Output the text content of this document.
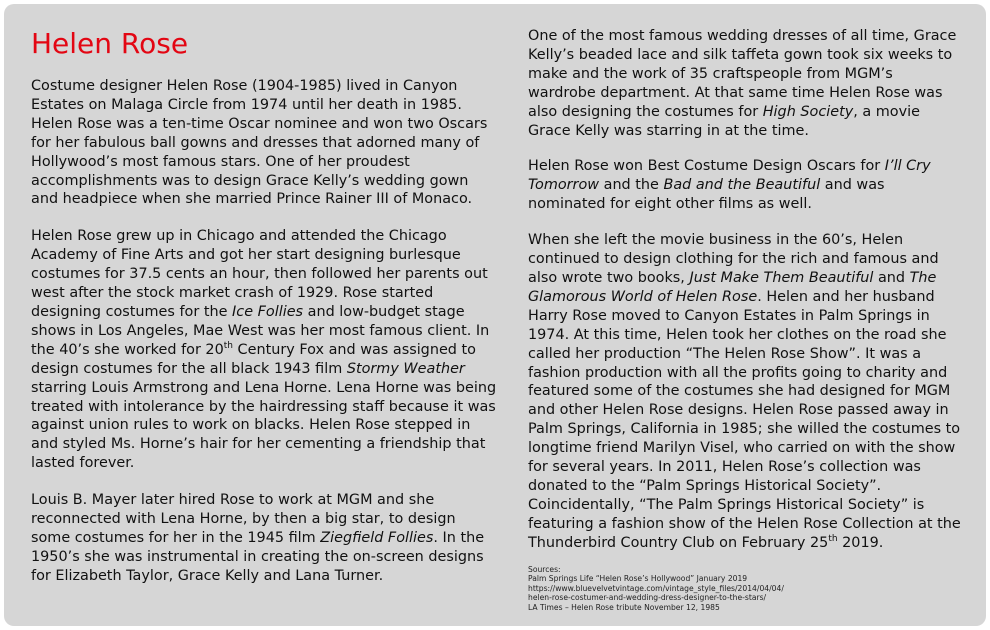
Helen Rose

Costume designer Helen Rose (1904-1985) lived in Canyon Estates on Malaga Circle from 1974 until her death in 1985. Helen Rose was a ten-time Oscar nominee and won two Oscars for her fabulous ball gowns and dresses that adorned many of Hollywood’s most famous stars. One of her proudest accomplishments was to design Grace Kelly’s wedding gown and headpiece when she married Prince Rainer III of Monaco.

Helen Rose grew up in Chicago and attended the Chicago Academy of Fine Arts and got her start designing burlesque costumes for 37.5 cents an hour, then followed her parents out west after the stock market crash of 1929. Rose started designing costumes for the Ice Follies and low-budget stage shows in Los Angeles, Mae West was her most famous client. In the 40’s she worked for 20th Century Fox and was assigned to design costumes for the all black 1943 film Stormy Weather starring Louis Armstrong and Lena Horne. Lena Horne was being treated with intolerance by the hairdressing staff because it was against union rules to work on blacks. Helen Rose stepped in and styled Ms. Horne’s hair for her cementing a friendship that lasted forever.

Louis B. Mayer later hired Rose to work at MGM and she reconnected with Lena Horne, by then a big star, to design some costumes for her in the 1945 film Ziegfield Follies. In the 1950’s she was instrumental in creating the on-screen designs for Elizabeth Taylor, Grace Kelly and Lana Turner.

One of the most famous wedding dresses of all time, Grace Kelly’s beaded lace and silk taffeta gown took six weeks to make and the work of 35 craftspeople from MGM’s wardrobe department. At that same time Helen Rose was also designing the costumes for High Society, a movie Grace Kelly was starring in at the time.

Helen Rose won Best Costume Design Oscars for I’ll Cry Tomorrow and the Bad and the Beautiful and was nominated for eight other films as well.

When she left the movie business in the 60’s, Helen continued to design clothing for the rich and famous and also wrote two books, Just Make Them Beautiful and The Glamorous World of Helen Rose. Helen and her husband Harry Rose moved to Canyon Estates in Palm Springs in 1974. At this time, Helen took her clothes on the road she called her production “The Helen Rose Show”. It was a fashion production with all the profits going to charity and featured some of the costumes she had designed for MGM and other Helen Rose designs. Helen Rose passed away in Palm Springs, California in 1985; she willed the costumes to longtime friend Marilyn Visel, who carried on with the show for several years. In 2011, Helen Rose’s collection was donated to the “Palm Springs Historical Society”. Coincidentally, “The Palm Springs Historical Society” is featuring a fashion show of the Helen Rose Collection at the Thunderbird Country Club on February 25th 2019.

Sources:
Palm Springs Life “Helen Rose’s Hollywood” January 2019
https://www.bluevelvetvintage.com/vintage_style_files/2014/04/04/
helen-rose-costumer-and-wedding-dress-designer-to-the-stars/
LA Times – Helen Rose tribute November 12, 1985
